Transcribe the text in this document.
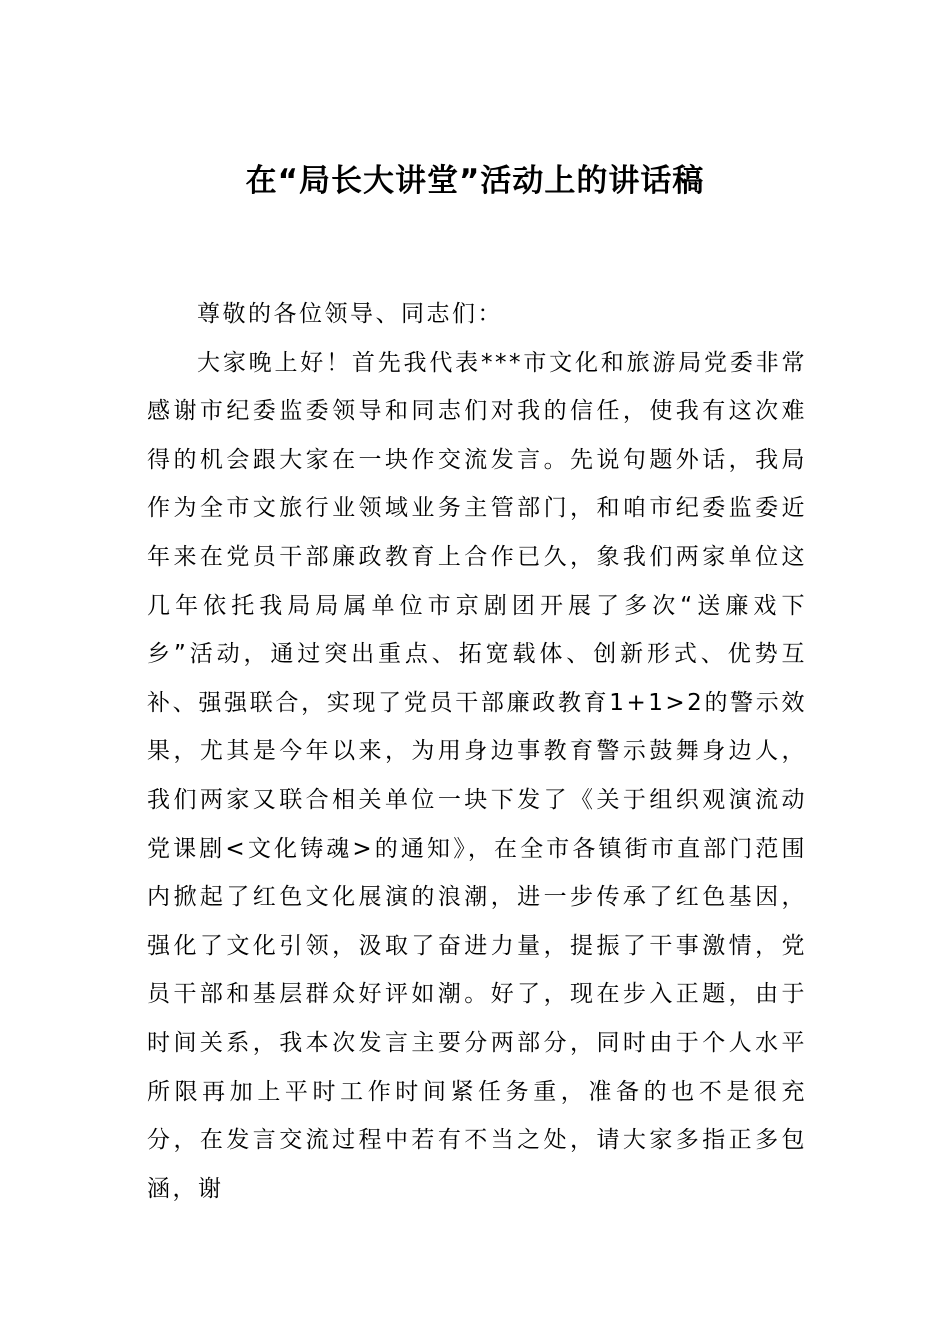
在“局长大讲堂”活动上的讲话稿

尊敬的各位领导、同志们：

大家晚上好！首先我代表***市文化和旅游局党委非常感谢市纪委监委领导和同志们对我的信任，使我有这次难得的机会跟大家在一块作交流发言。先说句题外话，我局作为全市文旅行业领域业务主管部门，和咱市纪委监委近年来在党员干部廉政教育上合作已久，象我们两家单位这几年依托我局局属单位市京剧团开展了多次“送廉戏下乡”活动，通过突出重点、拓宽载体、创新形式、优势互补、强强联合，实现了党员干部廉政教育1+1>2的警示效果，尤其是今年以来，为用身边事教育警示鼓舞身边人，我们两家又联合相关单位一块下发了《关于组织观演流动党课剧<文化铸魂>的通知》，在全市各镇街市直部门范围内掀起了红色文化展演的浪潮，进一步传承了红色基因，强化了文化引领，汲取了奋进力量，提振了干事激情，党员干部和基层群众好评如潮。好了，现在步入正题，由于时间关系，我本次发言主要分两部分，同时由于个人水平所限再加上平时工作时间紧任务重，准备的也不是很充分，在发言交流过程中若有不当之处，请大家多指正多包涵，谢
